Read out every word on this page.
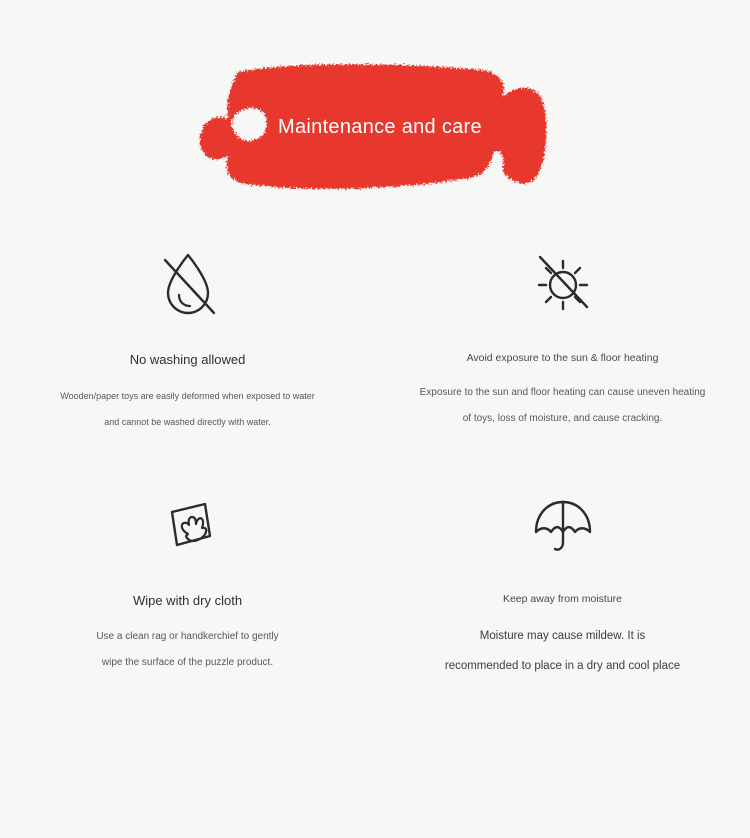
Maintenance and care
No washing allowed
Wooden/paper toys are easily deformed when exposed to water
and cannot be washed directly with water.
Avoid exposure to the sun & floor heating
Exposure to the sun and floor heating can cause uneven heating
of toys, loss of moisture, and cause cracking.
Wipe with dry cloth
Use a clean rag or handkerchief to gently
wipe the surface of the puzzle product.
Keep away from moisture
Moisture may cause mildew. It is
recommended to place in a dry and cool place
